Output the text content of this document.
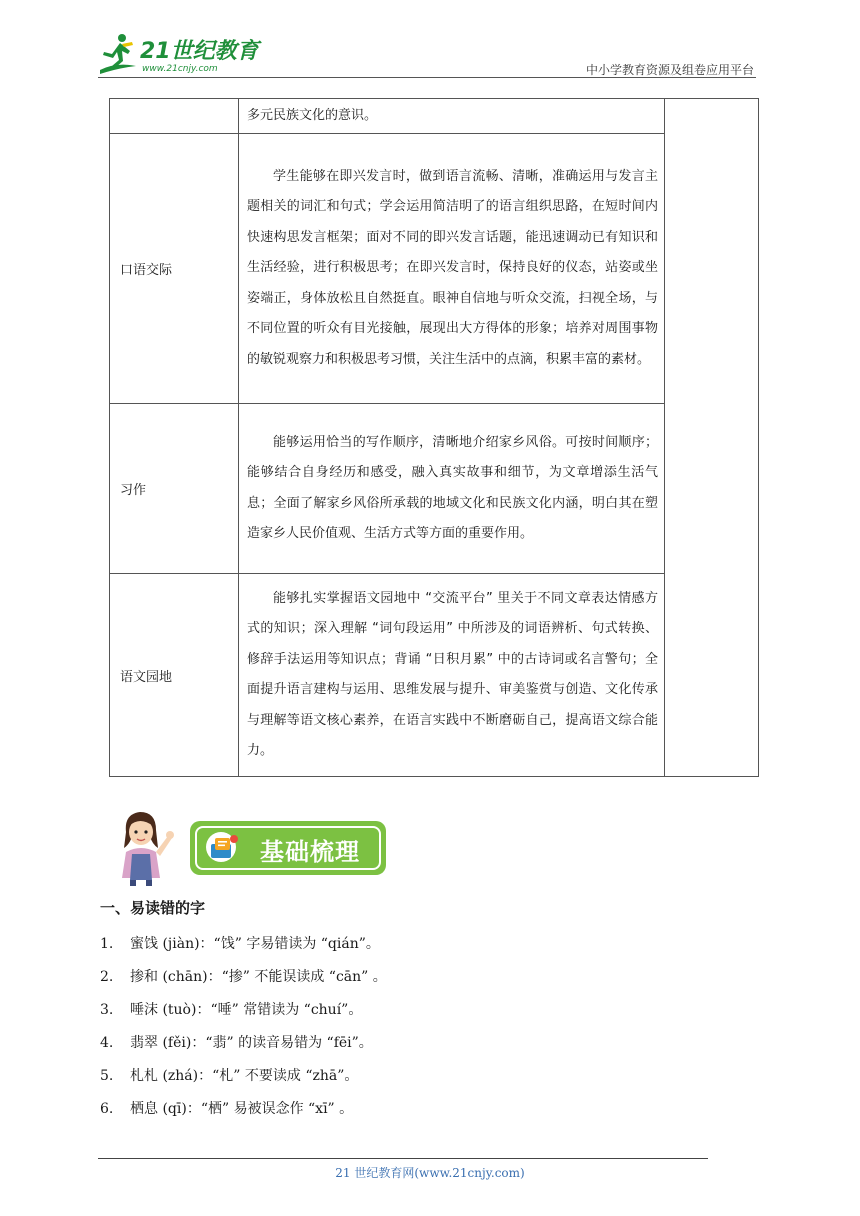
21世纪教育
www.21cnjy.com	中小学教育资源及组卷应用平台
	多元民族文化的意识。	
口语交际	学生能够在即兴发言时，做到语言流畅、清晰，准确运用与发言主题相关的词汇和句式；学会运用简洁明了的语言组织思路，在短时间内快速构思发言框架；面对不同的即兴发言话题，能迅速调动已有知识和生活经验，进行积极思考；在即兴发言时，保持良好的仪态，站姿或坐姿端正，身体放松且自然挺直。眼神自信地与听众交流，扫视全场，与不同位置的听众有目光接触，展现出大方得体的形象；培养对周围事物的敏锐观察力和积极思考习惯，关注生活中的点滴，积累丰富的素材。	
习作	能够运用恰当的写作顺序，清晰地介绍家乡风俗。可按时间顺序；能够结合自身经历和感受，融入真实故事和细节，为文章增添生活气息；全面了解家乡风俗所承载的地域文化和民族文化内涵，明白其在塑造家乡人民价值观、生活方式等方面的重要作用。	
语文园地	能够扎实掌握语文园地中 “交流平台” 里关于不同文章表达情感方式的知识；深入理解 “词句段运用” 中所涉及的词语辨析、句式转换、修辞手法运用等知识点；背诵 “日积月累” 中的古诗词或名言警句；全面提升语言建构与运用、思维发展与提升、审美鉴赏与创造、文化传承与理解等语文核心素养，在语言实践中不断磨砺自己，提高语文综合能力。	
基础梳理
一、易读错的字
1. 蜜饯 (jiàn)：“饯” 字易错读为 “qián”。
2. 掺和 (chān)：“掺” 不能误读成 “cān” 。
3. 唾沫 (tuò)：“唾” 常错读为 “chuí”。
4. 翡翠 (fěi)：“翡” 的读音易错为 “fēi”。
5. 札札 (zhá)：“札” 不要读成 “zhā”。
6. 栖息 (qī)：“栖” 易被误念作 “xī” 。
21 世纪教育网(www.21cnjy.com)
